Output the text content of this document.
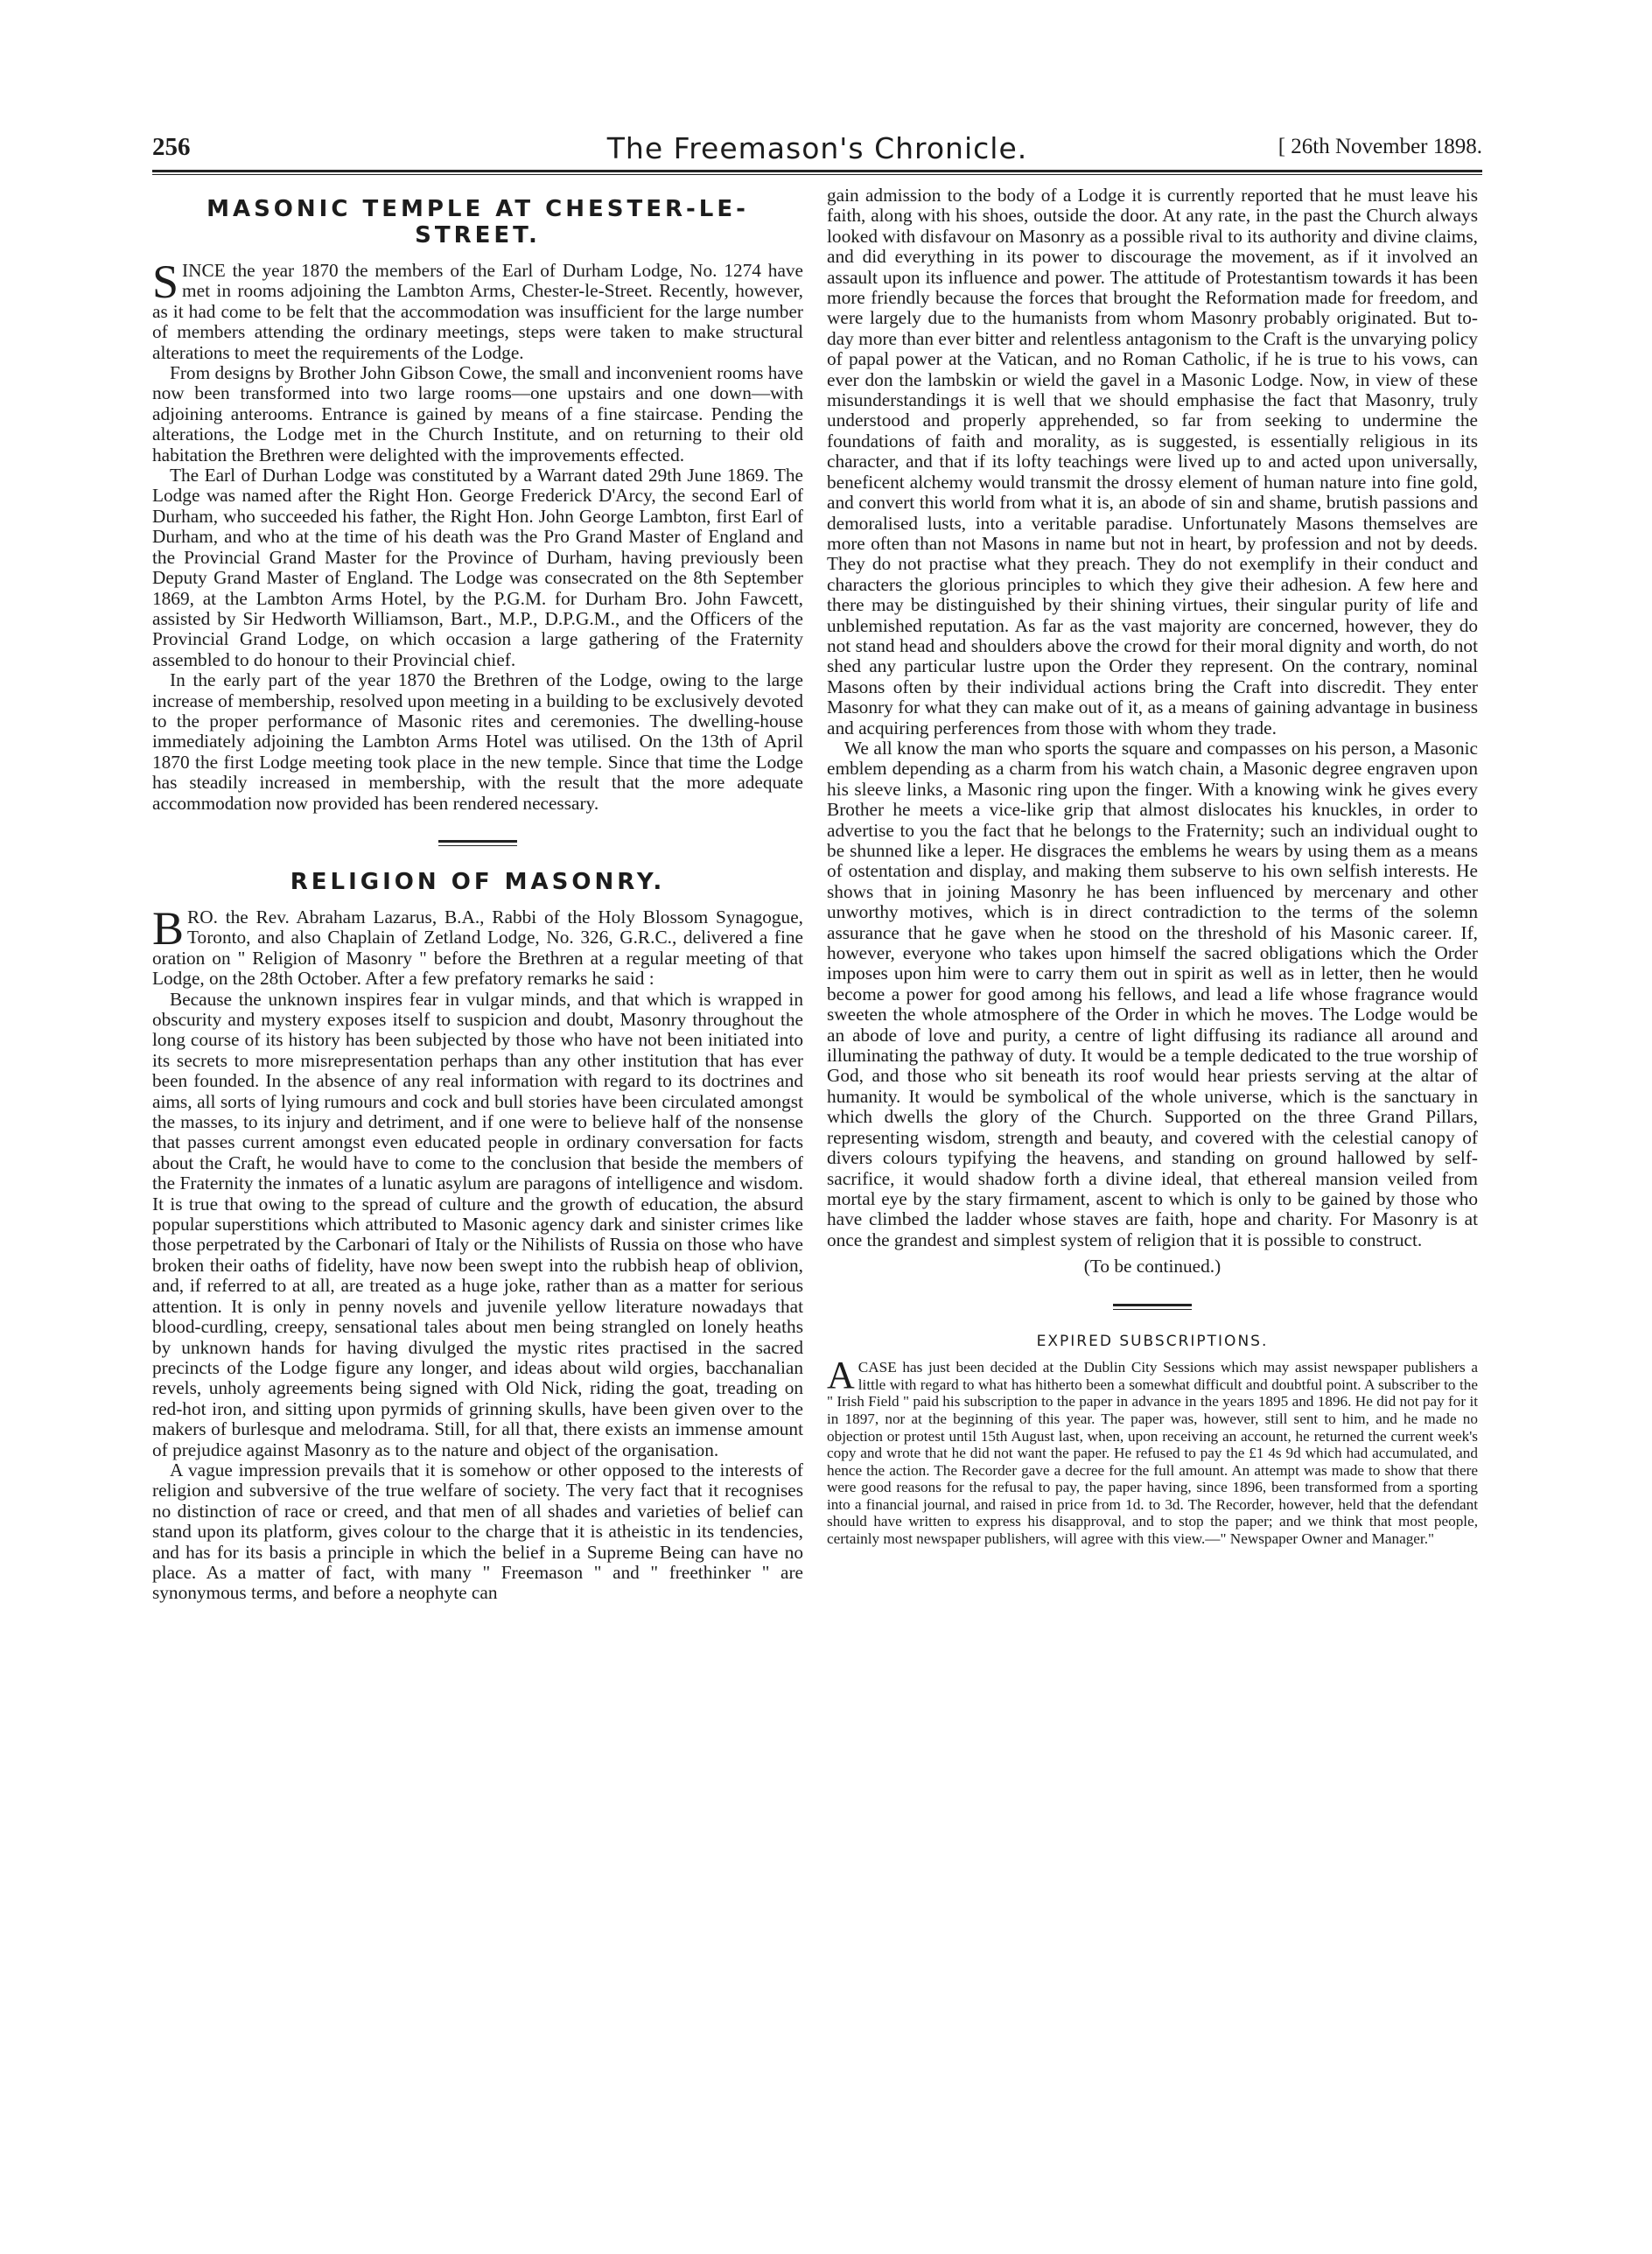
256	The Freemason's Chronicle.	[ 26th November 1898.
MASONIC TEMPLE AT CHESTER-LE-STREET.

SINCE the year 1870 the members of the Earl of Durham Lodge, No. 1274 have met in rooms adjoining the Lambton Arms, Chester-le-Street. Recently, however, as it had come to be felt that the accommodation was insufficient for the large number of members attending the ordinary meetings, steps were taken to make structural alterations to meet the requirements of the Lodge.

From designs by Brother John Gibson Cowe, the small and inconvenient rooms have now been transformed into two large rooms—one upstairs and one down—with adjoining anterooms. Entrance is gained by means of a fine staircase. Pending the alterations, the Lodge met in the Church Institute, and on returning to their old habitation the Brethren were delighted with the improvements effected.

The Earl of Durhan Lodge was constituted by a Warrant dated 29th June 1869. The Lodge was named after the Right Hon. George Frederick D'Arcy, the second Earl of Durham, who succeeded his father, the Right Hon. John George Lambton, first Earl of Durham, and who at the time of his death was the Pro Grand Master of England and the Provincial Grand Master for the Province of Durham, having previously been Deputy Grand Master of England. The Lodge was consecrated on the 8th September 1869, at the Lambton Arms Hotel, by the P.G.M. for Durham Bro. John Fawcett, assisted by Sir Hedworth Williamson, Bart., M.P., D.P.G.M., and the Officers of the Provincial Grand Lodge, on which occasion a large gathering of the Fraternity assembled to do honour to their Provincial chief.

In the early part of the year 1870 the Brethren of the Lodge, owing to the large increase of membership, resolved upon meeting in a building to be exclusively devoted to the proper performance of Masonic rites and ceremonies. The dwelling-house immediately adjoining the Lambton Arms Hotel was utilised. On the 13th of April 1870 the first Lodge meeting took place in the new temple. Since that time the Lodge has steadily increased in membership, with the result that the more adequate accommodation now provided has been rendered necessary.

RELIGION OF MASONRY.

BRO. the Rev. Abraham Lazarus, B.A., Rabbi of the Holy Blossom Synagogue, Toronto, and also Chaplain of Zetland Lodge, No. 326, G.R.C., delivered a fine oration on " Religion of Masonry " before the Brethren at a regular meeting of that Lodge, on the 28th October. After a few prefatory remarks he said :

Because the unknown inspires fear in vulgar minds, and that which is wrapped in obscurity and mystery exposes itself to suspicion and doubt, Masonry throughout the long course of its history has been subjected by those who have not been initiated into its secrets to more misrepresentation perhaps than any other institution that has ever been founded. In the absence of any real information with regard to its doctrines and aims, all sorts of lying rumours and cock and bull stories have been circulated amongst the masses, to its injury and detriment, and if one were to believe half of the nonsense that passes current amongst even educated people in ordinary conversation for facts about the Craft, he would have to come to the conclusion that beside the members of the Fraternity the inmates of a lunatic asylum are paragons of intelligence and wisdom. It is true that owing to the spread of culture and the growth of education, the absurd popular superstitions which attributed to Masonic agency dark and sinister crimes like those perpetrated by the Carbonari of Italy or the Nihilists of Russia on those who have broken their oaths of fidelity, have now been swept into the rubbish heap of oblivion, and, if referred to at all, are treated as a huge joke, rather than as a matter for serious attention. It is only in penny novels and juvenile yellow literature nowadays that blood-curdling, creepy, sensational tales about men being strangled on lonely heaths by unknown hands for having divulged the mystic rites practised in the sacred precincts of the Lodge figure any longer, and ideas about wild orgies, bacchanalian revels, unholy agreements being signed with Old Nick, riding the goat, treading on red-hot iron, and sitting upon pyrmids of grinning skulls, have been given over to the makers of burlesque and melodrama. Still, for all that, there exists an immense amount of prejudice against Masonry as to the nature and object of the organisation.

A vague impression prevails that it is somehow or other opposed to the interests of religion and subversive of the true welfare of society. The very fact that it recognises no distinction of race or creed, and that men of all shades and varieties of belief can stand upon its platform, gives colour to the charge that it is atheistic in its tendencies, and has for its basis a principle in which the belief in a Supreme Being can have no place. As a matter of fact, with many " Freemason " and " freethinker " are synonymous terms, and before a neophyte can

gain admission to the body of a Lodge it is currently reported that he must leave his faith, along with his shoes, outside the door. At any rate, in the past the Church always looked with disfavour on Masonry as a possible rival to its authority and divine claims, and did everything in its power to discourage the movement, as if it involved an assault upon its influence and power. The attitude of Protestantism towards it has been more friendly because the forces that brought the Reformation made for freedom, and were largely due to the humanists from whom Masonry probably originated. But to-day more than ever bitter and relentless antagonism to the Craft is the unvarying policy of papal power at the Vatican, and no Roman Catholic, if he is true to his vows, can ever don the lambskin or wield the gavel in a Masonic Lodge. Now, in view of these misunderstandings it is well that we should emphasise the fact that Masonry, truly understood and properly apprehended, so far from seeking to undermine the foundations of faith and morality, as is suggested, is essentially religious in its character, and that if its lofty teachings were lived up to and acted upon universally, beneficent alchemy would transmit the drossy element of human nature into fine gold, and convert this world from what it is, an abode of sin and shame, brutish passions and demoralised lusts, into a veritable paradise. Unfortunately Masons themselves are more often than not Masons in name but not in heart, by profession and not by deeds. They do not practise what they preach. They do not exemplify in their conduct and characters the glorious principles to which they give their adhesion. A few here and there may be distinguished by their shining virtues, their singular purity of life and unblemished reputation. As far as the vast majority are concerned, however, they do not stand head and shoulders above the crowd for their moral dignity and worth, do not shed any particular lustre upon the Order they represent. On the contrary, nominal Masons often by their individual actions bring the Craft into discredit. They enter Masonry for what they can make out of it, as a means of gaining advantage in business and acquiring perferences from those with whom they trade.

We all know the man who sports the square and compasses on his person, a Masonic emblem depending as a charm from his watch chain, a Masonic degree engraven upon his sleeve links, a Masonic ring upon the finger. With a knowing wink he gives every Brother he meets a vice-like grip that almost dislocates his knuckles, in order to advertise to you the fact that he belongs to the Fraternity; such an individual ought to be shunned like a leper. He disgraces the emblems he wears by using them as a means of ostentation and display, and making them subserve to his own selfish interests. He shows that in joining Masonry he has been influenced by mercenary and other unworthy motives, which is in direct contradiction to the terms of the solemn assurance that he gave when he stood on the threshold of his Masonic career. If, however, everyone who takes upon himself the sacred obligations which the Order imposes upon him were to carry them out in spirit as well as in letter, then he would become a power for good among his fellows, and lead a life whose fragrance would sweeten the whole atmosphere of the Order in which he moves. The Lodge would be an abode of love and purity, a centre of light diffusing its radiance all around and illuminating the pathway of duty. It would be a temple dedicated to the true worship of God, and those who sit beneath its roof would hear priests serving at the altar of humanity. It would be symbolical of the whole universe, which is the sanctuary in which dwells the glory of the Church. Supported on the three Grand Pillars, representing wisdom, strength and beauty, and covered with the celestial canopy of divers colours typifying the heavens, and standing on ground hallowed by self-sacrifice, it would shadow forth a divine ideal, that ethereal mansion veiled from mortal eye by the stary firmament, ascent to which is only to be gained by those who have climbed the ladder whose staves are faith, hope and charity. For Masonry is at once the grandest and simplest system of religion that it is possible to construct.

(To be continued.)
EXPIRED SUBSCRIPTIONS.

ACASE has just been decided at the Dublin City Sessions which may assist newspaper publishers a little with regard to what has hitherto been a somewhat difficult and doubtful point. A subscriber to the " Irish Field " paid his subscription to the paper in advance in the years 1895 and 1896. He did not pay for it in 1897, nor at the beginning of this year. The paper was, however, still sent to him, and he made no objection or protest until 15th August last, when, upon receiving an account, he returned the current week's copy and wrote that he did not want the paper. He refused to pay the £1 4s 9d which had accumulated, and hence the action. The Recorder gave a decree for the full amount. An attempt was made to show that there were good reasons for the refusal to pay, the paper having, since 1896, been transformed from a sporting into a financial journal, and raised in price from 1d. to 3d. The Recorder, however, held that the defendant should have written to express his disapproval, and to stop the paper; and we think that most people, certainly most newspaper publishers, will agree with this view.—" Newspaper Owner and Manager."
